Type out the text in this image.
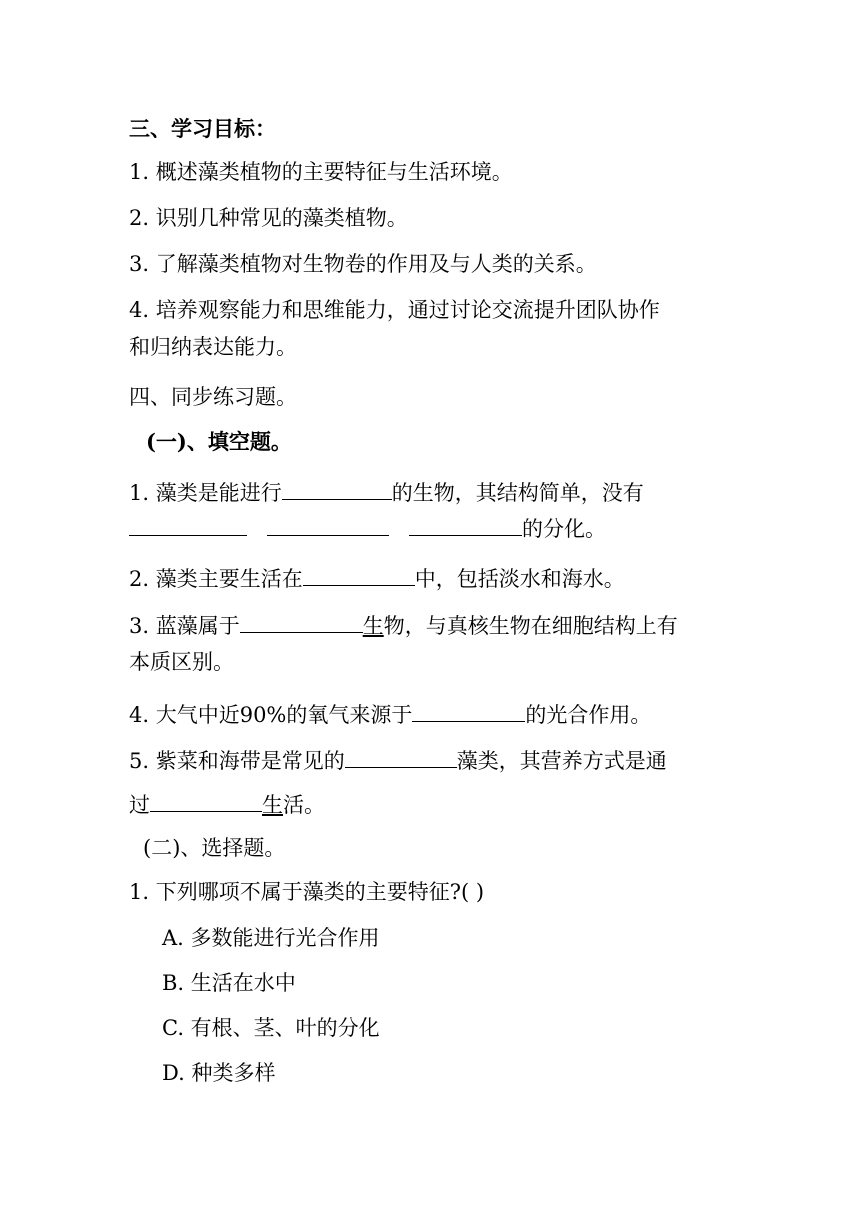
三、学习目标：
1. 概述藻类植物的主要特征与生活环境。
2. 识别几种常见的藻类植物。
3. 了解藻类植物对生物卷的作用及与人类的关系。
4. 培养观察能力和思维能力，通过讨论交流提升团队协作
和归纳表达能力。
四、同步练习题。
(一)、填空题。
1. 藻类是能进行	的生物，其结构简单，没有
的分化。
2. 藻类主要生活在	中，包括淡水和海水。
3. 蓝藻属于	生物，与真核生物在细胞结构上有
本质区别。
4. 大气中近90%的氧气来源于	的光合作用。
5. 紫菜和海带是常见的	藻类，其营养方式是通
过	生活。
(二)、选择题。
1. 下列哪项不属于藻类的主要特征?( )
A. 多数能进行光合作用
B. 生活在水中
C. 有根、茎、叶的分化
D. 种类多样
